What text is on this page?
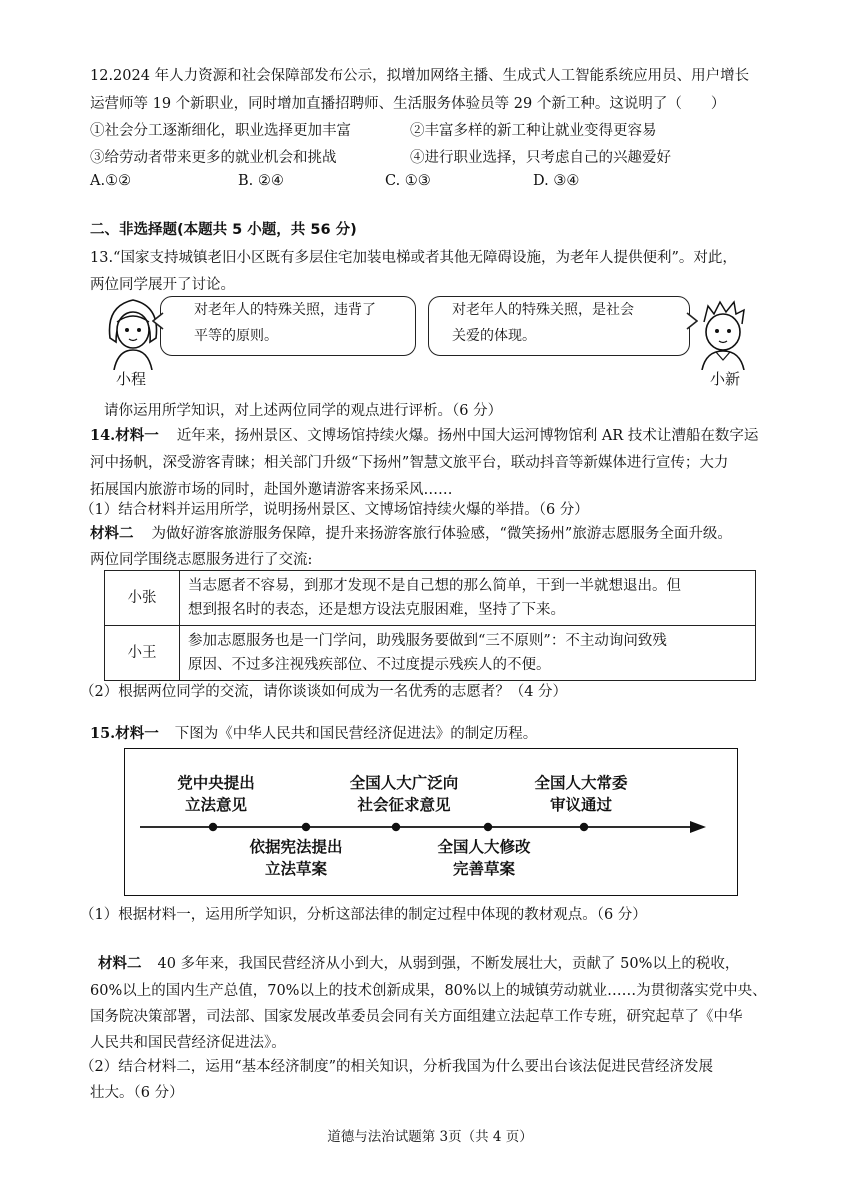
12.2024 年人力资源和社会保障部发布公示，拟增加网络主播、生成式人工智能系统应用员、用户增长
运营师等 19 个新职业，同时增加直播招聘师、生活服务体验员等 29 个新工种。这说明了（　　）
①社会分工逐渐细化，职业选择更加丰富	②丰富多样的新工种让就业变得更容易
③给劳动者带来更多的就业机会和挑战	④进行职业选择，只考虑自己的兴趣爱好
A.①②	B. ②④	C. ①③	D. ③④
二、非选择题(本题共 5 小题，共 56 分)
13.“国家支持城镇老旧小区既有多层住宅加装电梯或者其他无障碍设施，为老年人提供便利”。对此，
两位同学展开了讨论。
对老年人的特殊关照，违背了
平等的原则。
对老年人的特殊关照，是社会
关爱的体现。
小程	小新
请你运用所学知识，对上述两位同学的观点进行评析。（6 分）
14.材料一 近年来，扬州景区、文博场馆持续火爆。扬州中国大运河博物馆利 AR 技术让漕船在数字运
河中扬帆，深受游客青睐；相关部门升级“下扬州”智慧文旅平台，联动抖音等新媒体进行宣传；大力
拓展国内旅游市场的同时，赴国外邀请游客来扬采风……
（1）结合材料并运用所学，说明扬州景区、文博场馆持续火爆的举措。（6 分）
材料二 为做好游客旅游服务保障，提升来扬游客旅行体验感，“微笑扬州”旅游志愿服务全面升级。
两位同学围绕志愿服务进行了交流:
小张	当志愿者不容易，到那才发现不是自己想的那么简单，干到一半就想退出。但
想到报名时的表态，还是想方设法克服困难，坚持了下来。

小王	参加志愿服务也是一门学问，助残服务要做到“三不原则”：不主动询问致残
原因、不过多注视残疾部位、不过度提示残疾人的不便。
（2）根据两位同学的交流，请你谈谈如何成为一名优秀的志愿者？（4 分）
15.材料一 下图为《中华人民共和国民营经济促进法》的制定历程。
党中央提出
立法意见
全国人大广泛向
社会征求意见
全国人大常委
审议通过
依据宪法提出
立法草案
全国人大修改
完善草案
（1）根据材料一，运用所学知识，分析这部法律的制定过程中体现的教材观点。（6 分）
材料二 40 多年来，我国民营经济从小到大，从弱到强，不断发展壮大，贡献了 50%以上的税收，
60%以上的国内生产总值，70%以上的技术创新成果，80%以上的城镇劳动就业……为贯彻落实党中央、
国务院决策部署，司法部、国家发展改革委员会同有关方面组建立法起草工作专班，研究起草了《中华
人民共和国民营经济促进法》。
（2）结合材料二，运用“基本经济制度”的相关知识，分析我国为什么要出台该法促进民营经济发展
壮大。（6 分）
道德与法治试题第 3页（共 4 页）
